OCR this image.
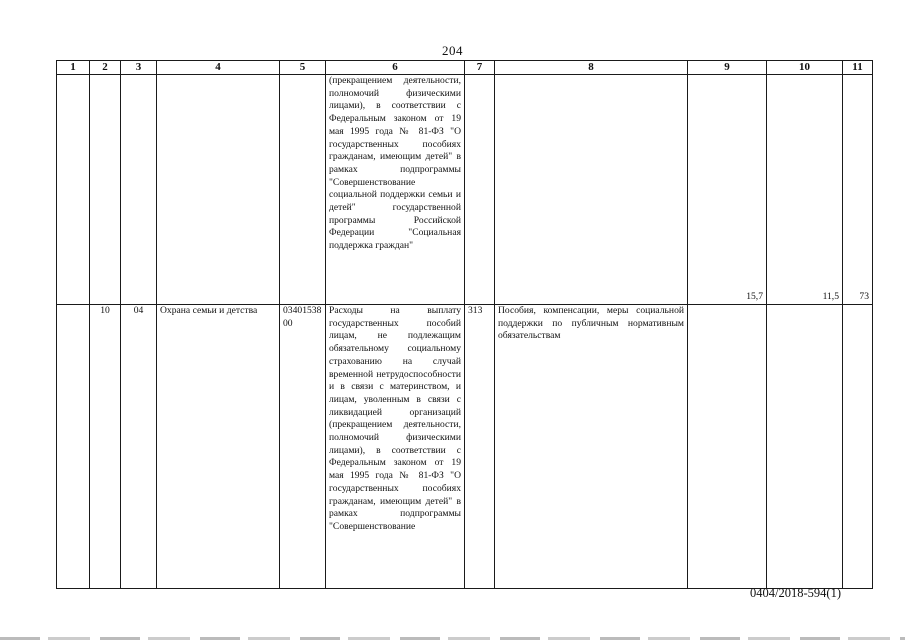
204
1	2	3	4	5	6	7	8	9	10	11
					(прекращением деятельности, полномочий физическими лицами), в соответствии с Федеральным законом от 19 мая 1995 года № 81-ФЗ "О государственных пособиях гражданам, имеющим детей" в рамках подпрограммы "Совершенствование социальной поддержки семьи и детей" государственной программы Российской Федерации "Социальная поддержка граждан"			15,7	11,5	73
	10	04	Охрана семьи и детства	0340153800	Расходы на выплату государственных пособий лицам, не подлежащим обязательному социальному страхованию на случай временной нетрудоспособности и в связи с материнством, и лицам, уволенным в связи с ликвидацией организаций (прекращением деятельности, полномочий физическими лицами), в соответствии с Федеральным законом от 19 мая 1995 года № 81-ФЗ "О государственных пособиях гражданам, имеющим детей" в рамках подпрограммы "Совершенствование	313	Пособия, компенсации, меры социальной поддержки по публичным нормативным обязательствам			
0404/2018-594(1)
